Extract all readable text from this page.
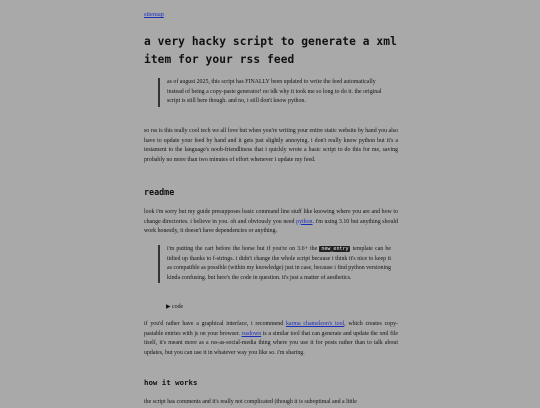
sitemap
a very hacky script to generate a xml item for your rss feed
as of august 2025, this script has FINALLY been updated to write the feed automatically instead of being a copy-paste generator! no idk why it took me so long to do it. the original script is still here though. and no, i still don't know python.
so rss is this really cool tech we all love but when you're writing your entire static website by hand you also have to update your feed by hand and it gets just slightly annoying. i don't really know python but it's a testament to the language's noob-friendliness that i quickly wrote a basic script to do this for me, saving probably no more than two minutes of effort whenever i update my feed.
readme
look i'm sorry but my guide presupposes basic command line stuff like knowing where you are and how to change directories. i believe in you. oh and obviously you need python. i'm using 3.10 but anything should work honestly, it doesn't have dependencies or anything.
i'm putting the cart before the horse but if you're on 3.6+ the new_entry template can be tidied up thanks to f-strings. i didn't change the whole script because i think it's nice to keep it as compatible as possible (within my knowledge) just in case, because i find python versioning kinda confusing. but here's the code in question. it's just a matter of aesthetics.
▶ code
if you'd rather have a graphical interface, i recommend karma chameleon's tool, which creates copy-pastable entries with js on your browser. rssdown is a similar tool that can generate and update the xml file itself, it's meant more as a rss-as-social-media thing where you use it for posts rather than to talk about updates, but you can use it in whatever way you like so. i'm sharing.
how it works
the script has comments and it's really not complicated (though it is suboptimal and a little
